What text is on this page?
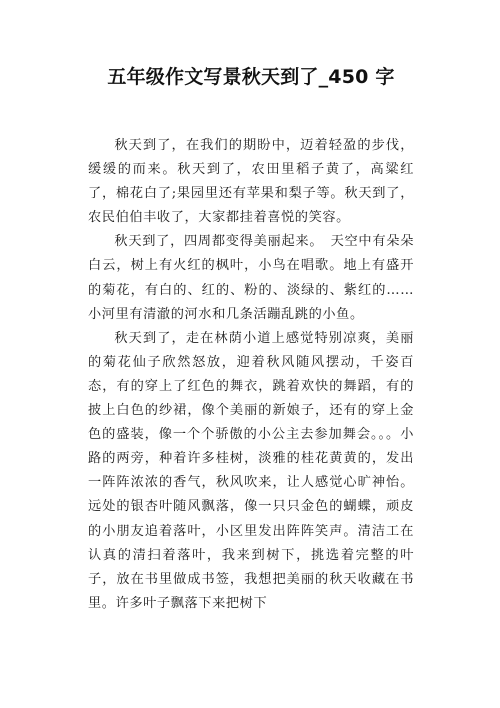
五年级作文写景秋天到了_450 字

秋天到了，在我们的期盼中，迈着轻盈的步伐，缓缓的而来。秋天到了，农田里稻子黄了，高粱红了，棉花白了;果园里还有苹果和梨子等。秋天到了，农民伯伯丰收了，大家都挂着喜悦的笑容。

秋天到了，四周都变得美丽起来。　天空中有朵朵白云，树上有火红的枫叶，小鸟在唱歌。地上有盛开的菊花，有白的、红的、粉的、淡绿的、紫红的……小河里有清澈的河水和几条活蹦乱跳的小鱼。

秋天到了，走在林荫小道上感觉特别凉爽，美丽的菊花仙子欣然怒放，迎着秋风随风摆动，千姿百态，有的穿上了红色的舞衣，跳着欢快的舞蹈，有的披上白色的纱裙，像个美丽的新娘子，还有的穿上金色的盛装，像一个个骄傲的小公主去参加舞会。。。小路的两旁，种着许多桂树，淡雅的桂花黄黄的，发出一阵阵浓浓的香气，秋风吹来，让人感觉心旷神怡。远处的银杏叶随风飘落，像一只只金色的蝴蝶，顽皮的小朋友追着落叶，小区里发出阵阵笑声。清洁工在认真的清扫着落叶，我来到树下，挑选着完整的叶子，放在书里做成书签，我想把美丽的秋天收藏在书里。许多叶子飘落下来把树下
